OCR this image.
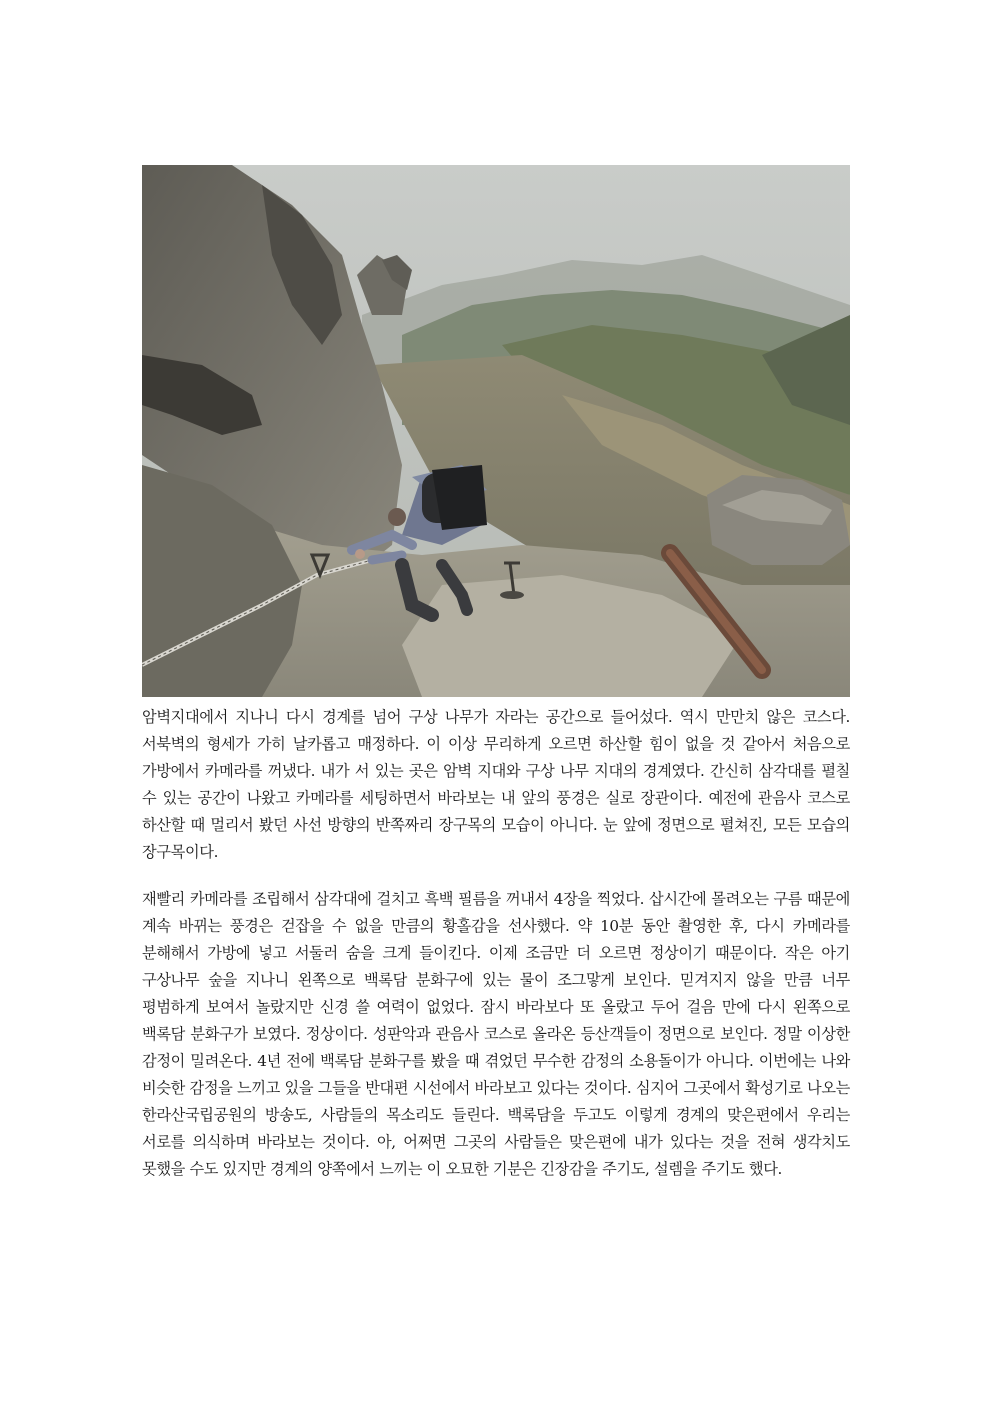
암벽지대에서 지나니 다시 경계를 넘어 구상 나무가 자라는 공간으로 들어섰다. 역시 만만치 않은 코스다. 서북벽의 형세가 가히 날카롭고 매정하다. 이 이상 무리하게 오르면 하산할 힘이 없을 것 같아서 처음으로 가방에서 카메라를 꺼냈다. 내가 서 있는 곳은 암벽 지대와 구상 나무 지대의 경계였다. 간신히 삼각대를 펼칠 수 있는 공간이 나왔고 카메라를 세팅하면서 바라보는 내 앞의 풍경은 실로 장관이다. 예전에 관음사 코스로 하산할 때 멀리서 봤던 사선 방향의 반쪽짜리 장구목의 모습이 아니다. 눈 앞에 정면으로 펼쳐진, 모든 모습의 장구목이다.
재빨리 카메라를 조립해서 삼각대에 걸치고 흑백 필름을 꺼내서 4장을 찍었다. 삽시간에 몰려오는 구름 때문에 계속 바뀌는 풍경은 걷잡을 수 없을 만큼의 황홀감을 선사했다. 약 10분 동안 촬영한 후, 다시 카메라를 분해해서 가방에 넣고 서둘러 숨을 크게 들이킨다. 이제 조금만 더 오르면 정상이기 때문이다. 작은 아기 구상나무 숲을 지나니 왼쪽으로 백록담 분화구에 있는 물이 조그맣게 보인다. 믿겨지지 않을 만큼 너무 평범하게 보여서 놀랐지만 신경 쓸 여력이 없었다. 잠시 바라보다 또 올랐고 두어 걸음 만에 다시 왼쪽으로 백록담 분화구가 보였다. 정상이다. 성판악과 관음사 코스로 올라온 등산객들이 정면으로 보인다. 정말 이상한 감정이 밀려온다. 4년 전에 백록담 분화구를 봤을 때 겪었던 무수한 감정의 소용돌이가 아니다. 이번에는 나와 비슷한 감정을 느끼고 있을 그들을 반대편 시선에서 바라보고 있다는 것이다. 심지어 그곳에서 확성기로 나오는 한라산국립공원의 방송도, 사람들의 목소리도 들린다. 백록담을 두고도 이렇게 경계의 맞은편에서 우리는 서로를 의식하며 바라보는 것이다. 아, 어쩌면 그곳의 사람들은 맞은편에 내가 있다는 것을 전혀 생각치도 못했을 수도 있지만 경계의 양쪽에서 느끼는 이 오묘한 기분은 긴장감을 주기도, 설렘을 주기도 했다.
